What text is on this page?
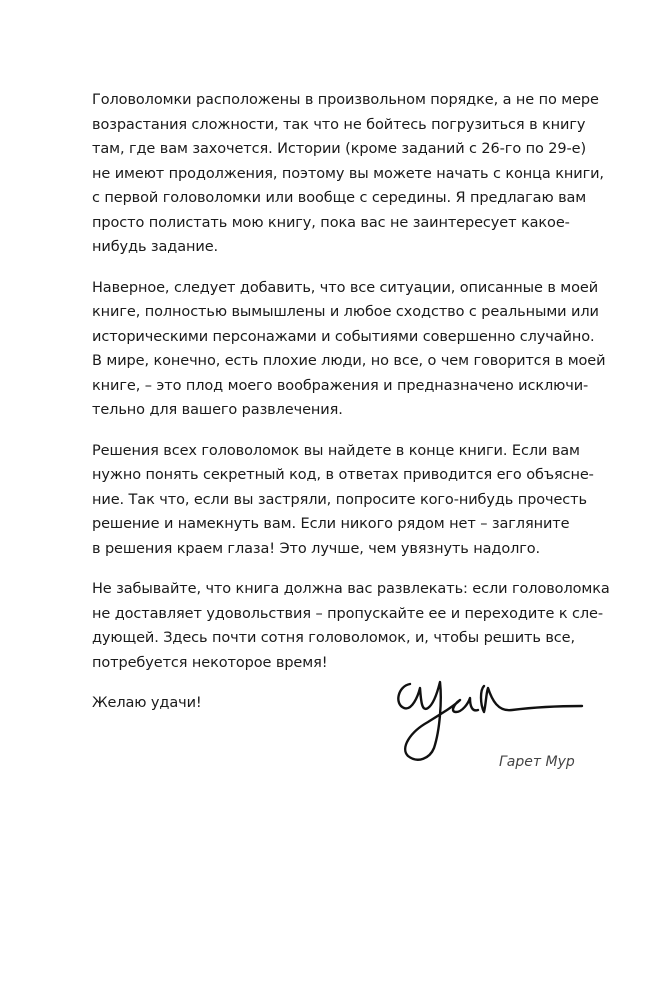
Головоломки расположены в произвольном порядке, а не по мере
возрастания сложности, так что не бойтесь погрузиться в книгу
там, где вам захочется. Истории (кроме заданий с 26-го по 29-е)
не имеют продолжения, поэтому вы можете начать с конца книги,
с первой головоломки или вообще с середины. Я предлагаю вам
просто полистать мою книгу, пока вас не заинтересует какое-
нибудь задание.

Наверное, следует добавить, что все ситуации, описанные в моей
книге, полностью вымышлены и любое сходство с реальными или
историческими персонажами и событиями совершенно случайно.
В мире, конечно, есть плохие люди, но все, о чем говорится в моей
книге, – это плод моего воображения и предназначено исключи-
тельно для вашего развлечения.

Решения всех головоломок вы найдете в конце книги. Если вам
нужно понять секретный код, в ответах приводится его объясне-
ние. Так что, если вы застряли, попросите кого-нибудь прочесть
решение и намекнуть вам. Если никого рядом нет – загляните
в решения краем глаза! Это лучше, чем увязнуть надолго.

Не забывайте, что книга должна вас развлекать: если головоломка
не доставляет удовольствия – пропускайте ее и переходите к сле-
дующей. Здесь почти сотня головоломок, и, чтобы решить все,
потребуется некоторое время!

Желаю удачи!

Гарет Мур
